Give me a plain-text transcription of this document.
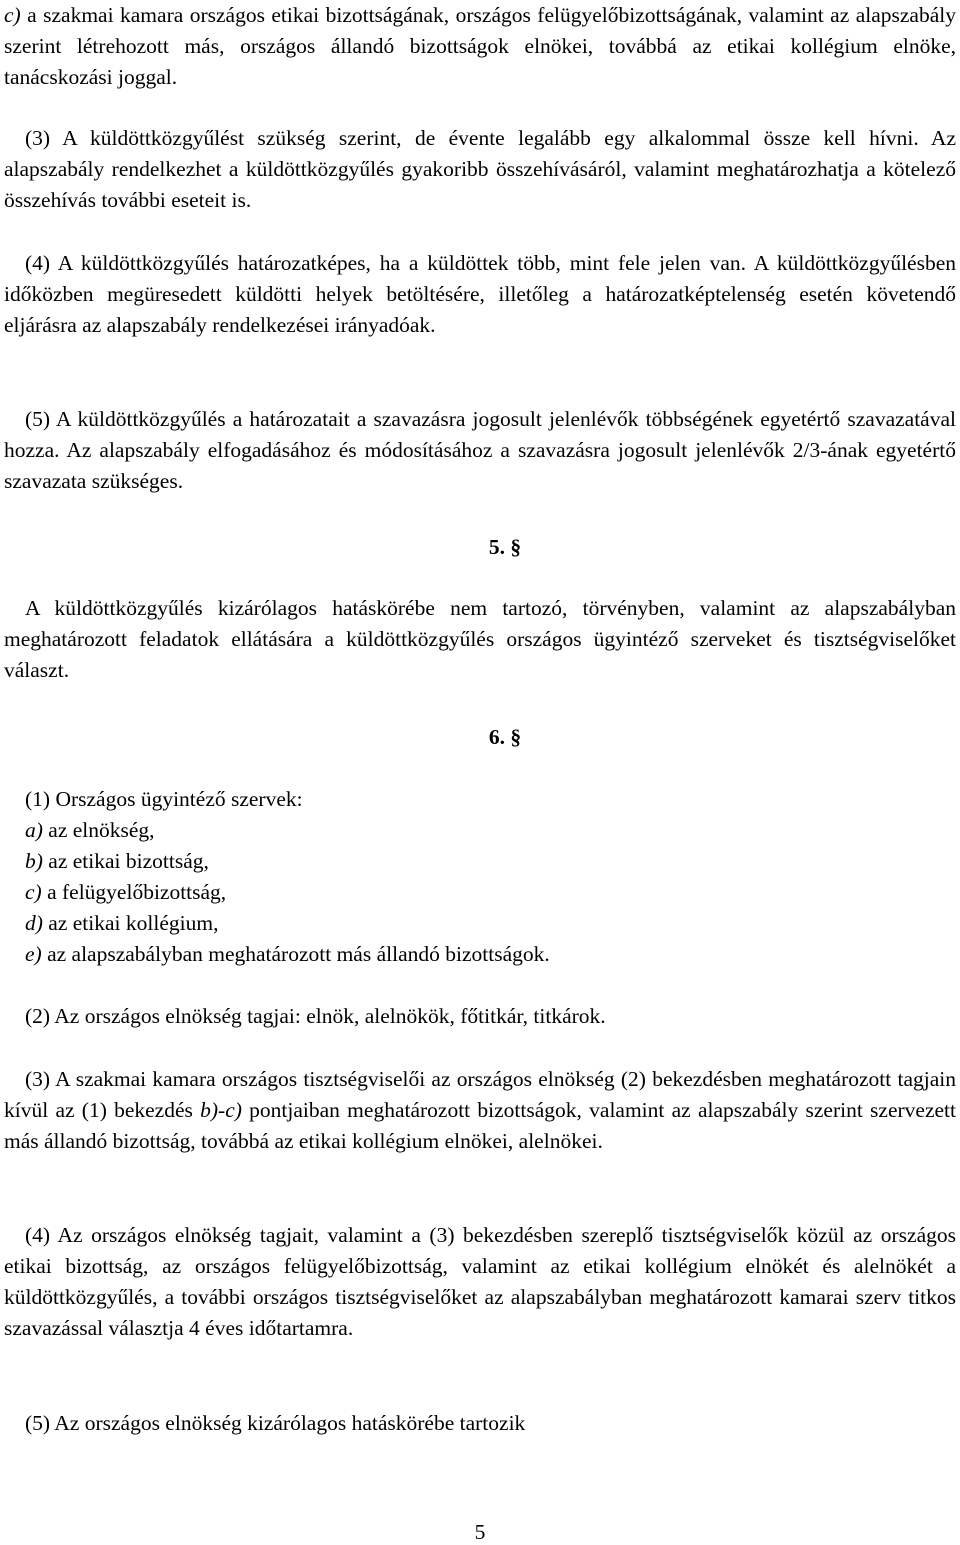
c) a szakmai kamara országos etikai bizottságának, országos felügyelőbizottságának, valamint az alapszabály szerint létrehozott más, országos állandó bizottságok elnökei, továbbá az etikai kollégium elnöke, tanácskozási joggal.

(3) A küldöttközgyűlést szükség szerint, de évente legalább egy alkalommal össze kell hívni. Az alapszabály rendelkezhet a küldöttközgyűlés gyakoribb összehívásáról, valamint meghatározhatja a kötelező összehívás további eseteit is.

(4) A küldöttközgyűlés határozatképes, ha a küldöttek több, mint fele jelen van. A küldöttközgyűlésben időközben megüresedett küldötti helyek betöltésére, illetőleg a határozatképtelenség esetén követendő eljárásra az alapszabály rendelkezései irányadóak.

(5) A küldöttközgyűlés a határozatait a szavazásra jogosult jelenlévők többségének egyetértő szavazatával hozza. Az alapszabály elfogadásához és módosításához a szavazásra jogosult jelenlévők 2/3-ának egyetértő szavazata szükséges.

5. §

A küldöttközgyűlés kizárólagos hatáskörébe nem tartozó, törvényben, valamint az alapszabályban meghatározott feladatok ellátására a küldöttközgyűlés országos ügyintéző szerveket és tisztségviselőket választ.

6. §

(1) Országos ügyintéző szervek:
a) az elnökség,
b) az etikai bizottság,
c) a felügyelőbizottság,
d) az etikai kollégium,
e) az alapszabályban meghatározott más állandó bizottságok.

(2) Az országos elnökség tagjai: elnök, alelnökök, főtitkár, titkárok.

(3) A szakmai kamara országos tisztségviselői az országos elnökség (2) bekezdésben meghatározott tagjain kívül az (1) bekezdés b)-c) pontjaiban meghatározott bizottságok, valamint az alapszabály szerint szervezett más állandó bizottság, továbbá az etikai kollégium elnökei, alelnökei.

(4) Az országos elnökség tagjait, valamint a (3) bekezdésben szereplő tisztségviselők közül az országos etikai bizottság, az országos felügyelőbizottság, valamint az etikai kollégium elnökét és alelnökét a küldöttközgyűlés, a további országos tisztségviselőket az alapszabályban meghatározott kamarai szerv titkos szavazással választja 4 éves időtartamra.

(5) Az országos elnökség kizárólagos hatáskörébe tartozik

5
